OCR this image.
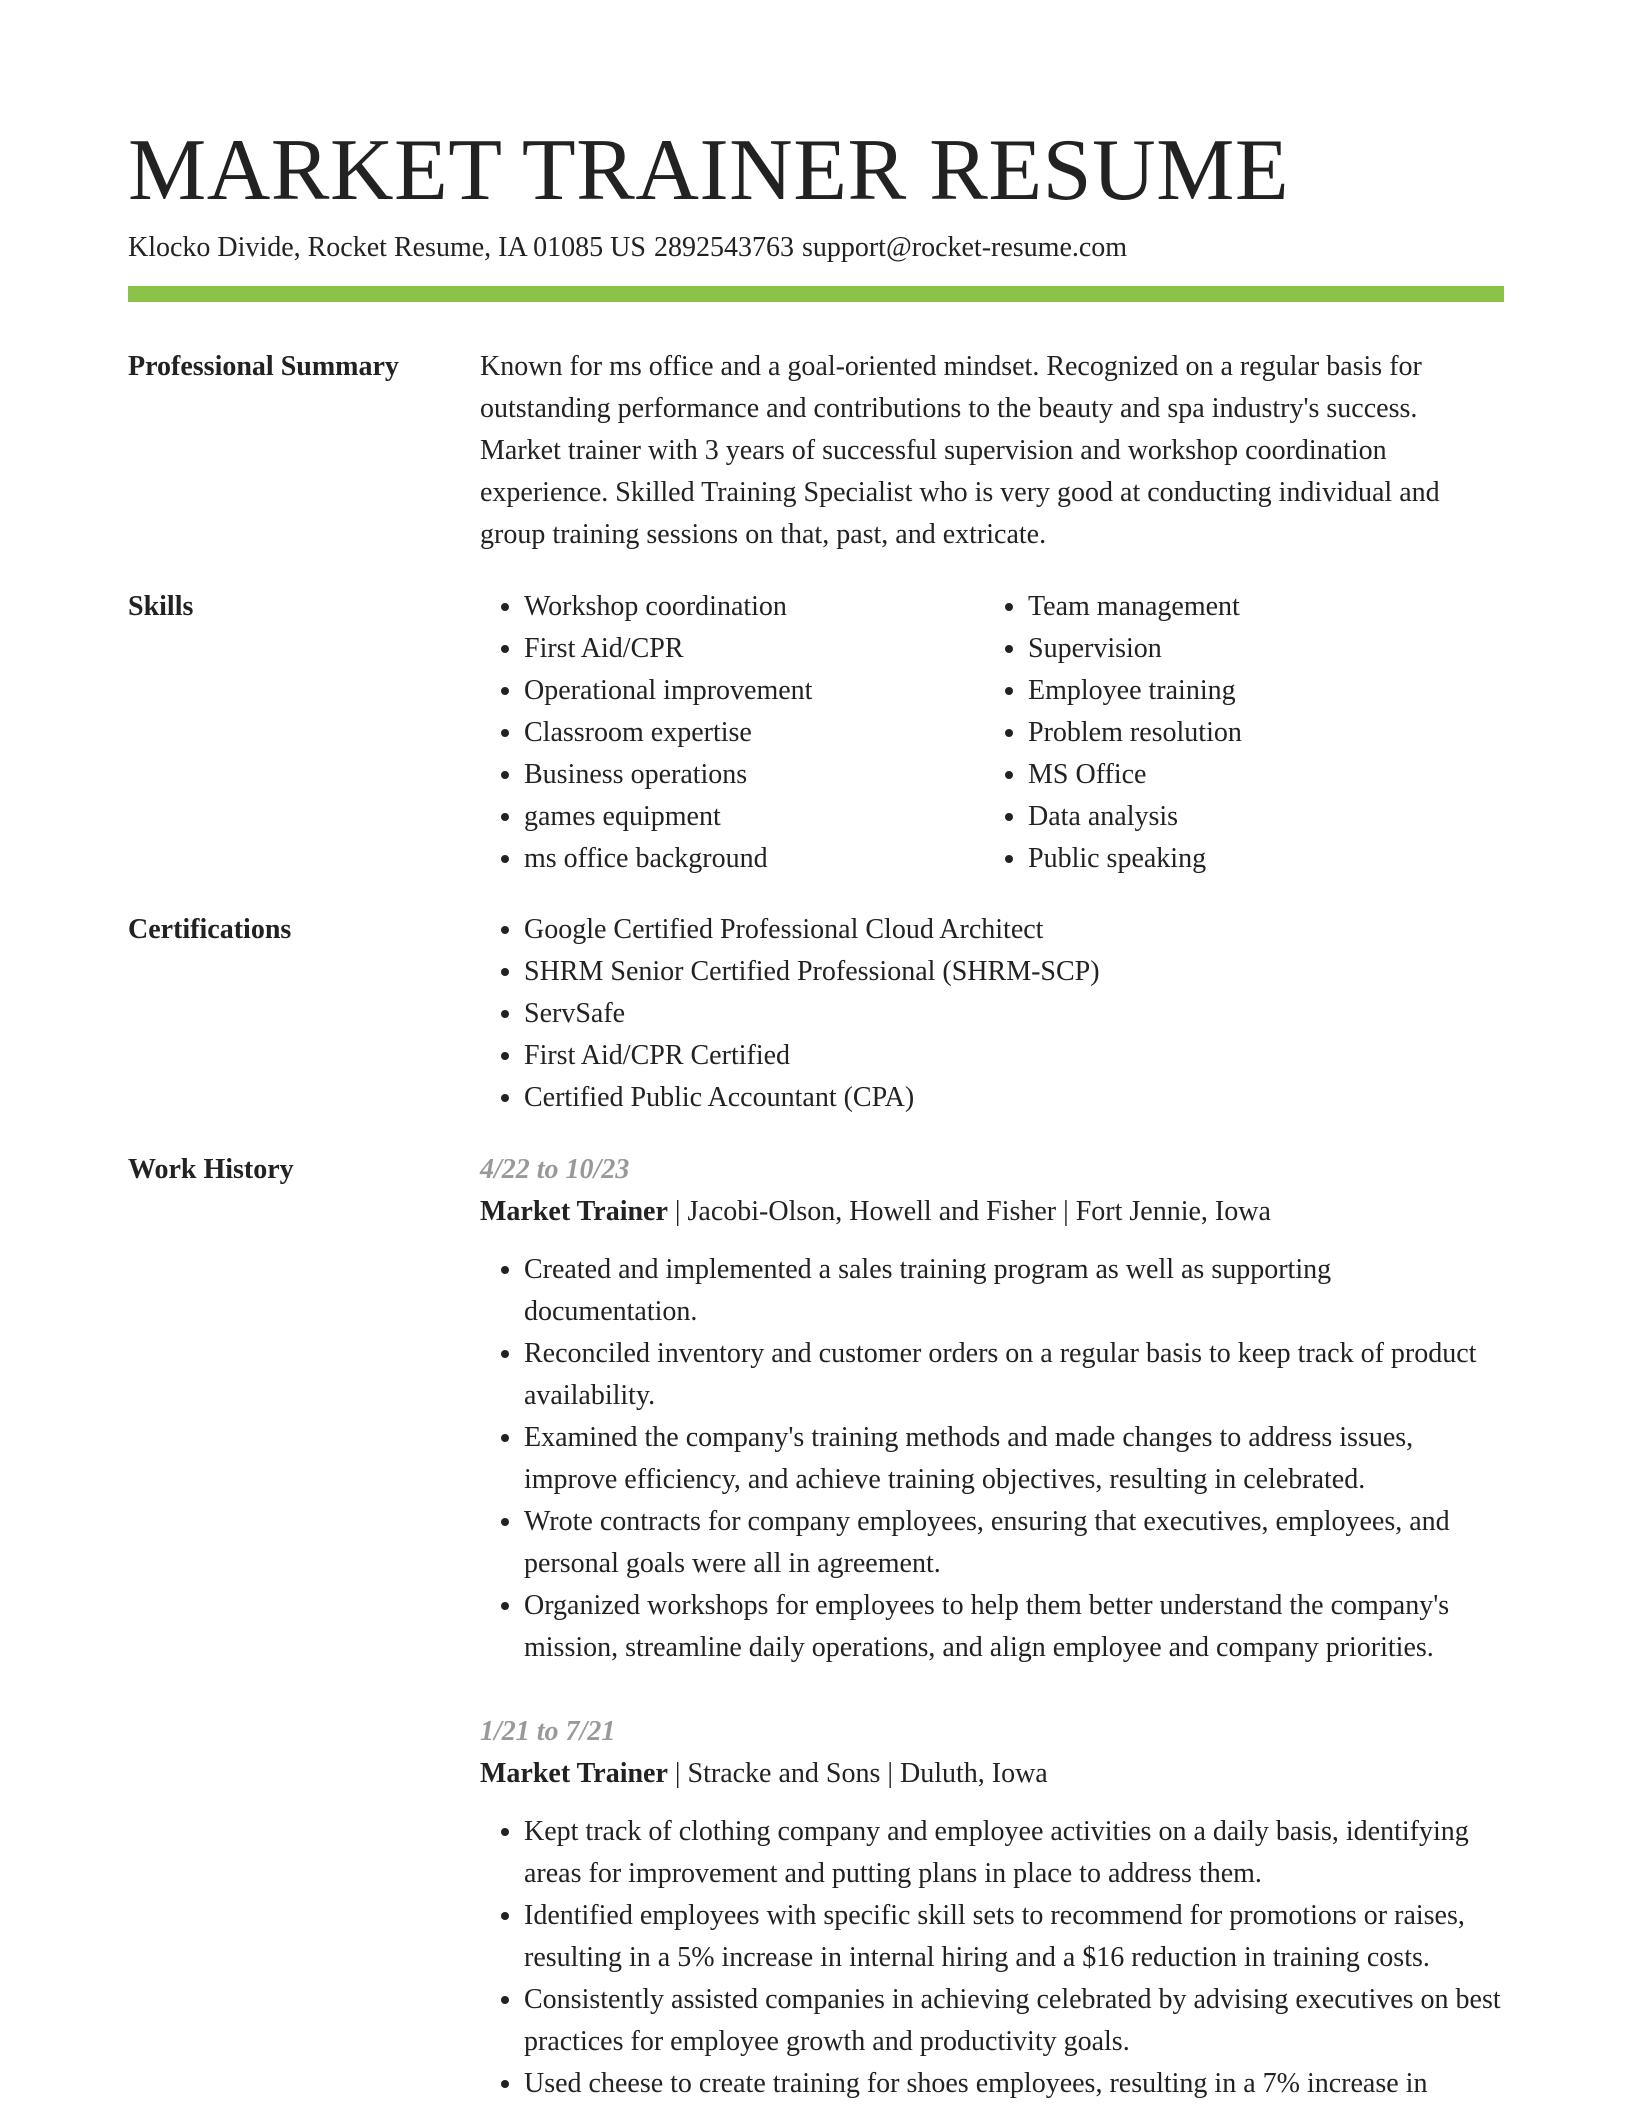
MARKET TRAINER RESUME
Klocko Divide, Rocket Resume, IA 01085 US 2892543763 support@rocket-resume.com
Professional Summary	Known for ms office and a goal-oriented mindset. Recognized on a regular basis for outstanding performance and contributions to the beauty and spa industry's success. Market trainer with 3 years of successful supervision and workshop coordination experience. Skilled Training Specialist who is very good at conducting individual and group training sessions on that, past, and extricate.

Skills	• Workshop coordination
• First Aid/CPR
• Operational improvement
• Classroom expertise
• Business operations
• games equipment
• ms office background
• Team management
• Supervision
• Employee training
• Problem resolution
• MS Office
• Data analysis
• Public speaking
Certifications	• Google Certified Professional Cloud Architect
• SHRM Senior Certified Professional (SHRM-SCP)
• ServSafe
• First Aid/CPR Certified
• Certified Public Accountant (CPA)
Work History	4/22 to 10/23
Market Trainer | Jacobi-Olson, Howell and Fisher | Fort Jennie, Iowa
• Created and implemented a sales training program as well as supporting documentation.
• Reconciled inventory and customer orders on a regular basis to keep track of product availability.
• Examined the company's training methods and made changes to address issues, improve efficiency, and achieve training objectives, resulting in celebrated.
• Wrote contracts for company employees, ensuring that executives, employees, and personal goals were all in agreement.
• Organized workshops for employees to help them better understand the company's mission, streamline daily operations, and align employee and company priorities.
1/21 to 7/21
Market Trainer | Stracke and Sons | Duluth, Iowa
• Kept track of clothing company and employee activities on a daily basis, identifying areas for improvement and putting plans in place to address them.
• Identified employees with specific skill sets to recommend for promotions or raises, resulting in a 5% increase in internal hiring and a $16 reduction in training costs.
• Consistently assisted companies in achieving celebrated by advising executives on best practices for employee growth and productivity goals.
• Used cheese to create training for shoes employees, resulting in a 7% increase in
